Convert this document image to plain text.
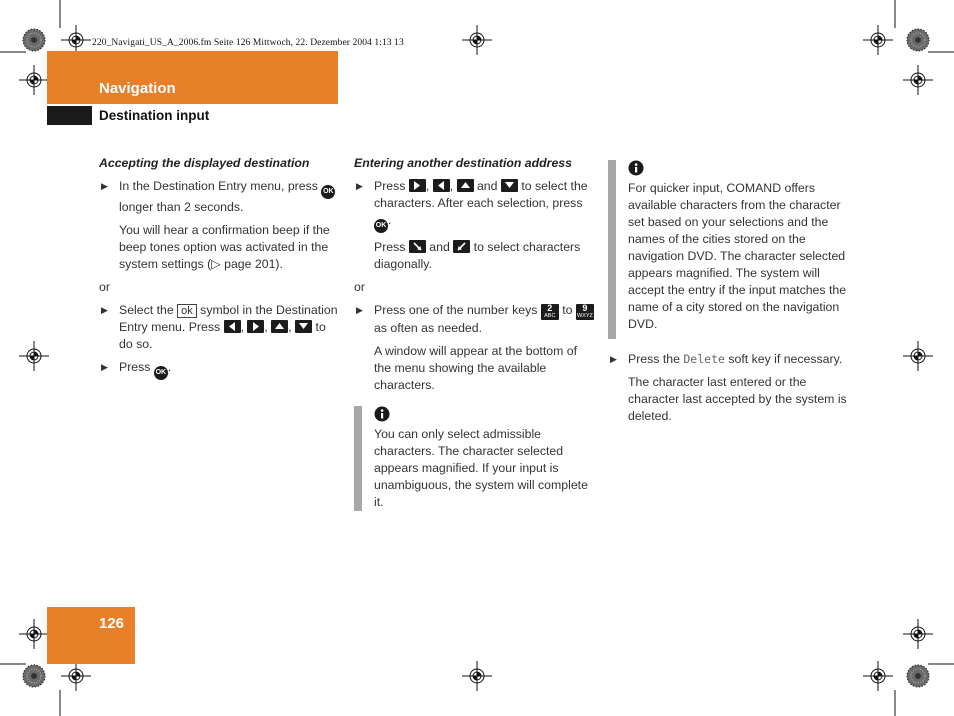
220_Navigati_US_A_2006.fm Seite 126 Mittwoch, 22. Dezember 2004 1:13 13
Navigation
Destination input
126

Accepting the displayed destination

▶ In the Destination Entry menu, press OK longer than 2 seconds.

You will hear a confirmation beep if the beep tones option was activated in the system settings (▷ page 201).

or

▶ Select the ok symbol in the Destination Entry menu. Press ,
,
,
to do so.

▶ Press OK .

Entering another destination address

▶ Press ,
,
and to select the characters. After each selection, press OK .

Press and to select characters diagonally.

or

▶ Press one of the number keys	2
ABC to	9
WXYZ
as often as needed.

A window will appear at the bottom of the menu showing the available characters.

You can only select admissible characters. The character selected appears magnified. If your input is unambiguous, the system will complete it.

For quicker input, COMAND offers available characters from the character set based on your selections and the names of the cities stored on the navigation DVD. The character selected appears magnified. The system will accept the entry if the input matches the name of a city stored on the navigation DVD.

▶ Press the Delete soft key if necessary.

The character last entered or the character last accepted by the system is deleted.
